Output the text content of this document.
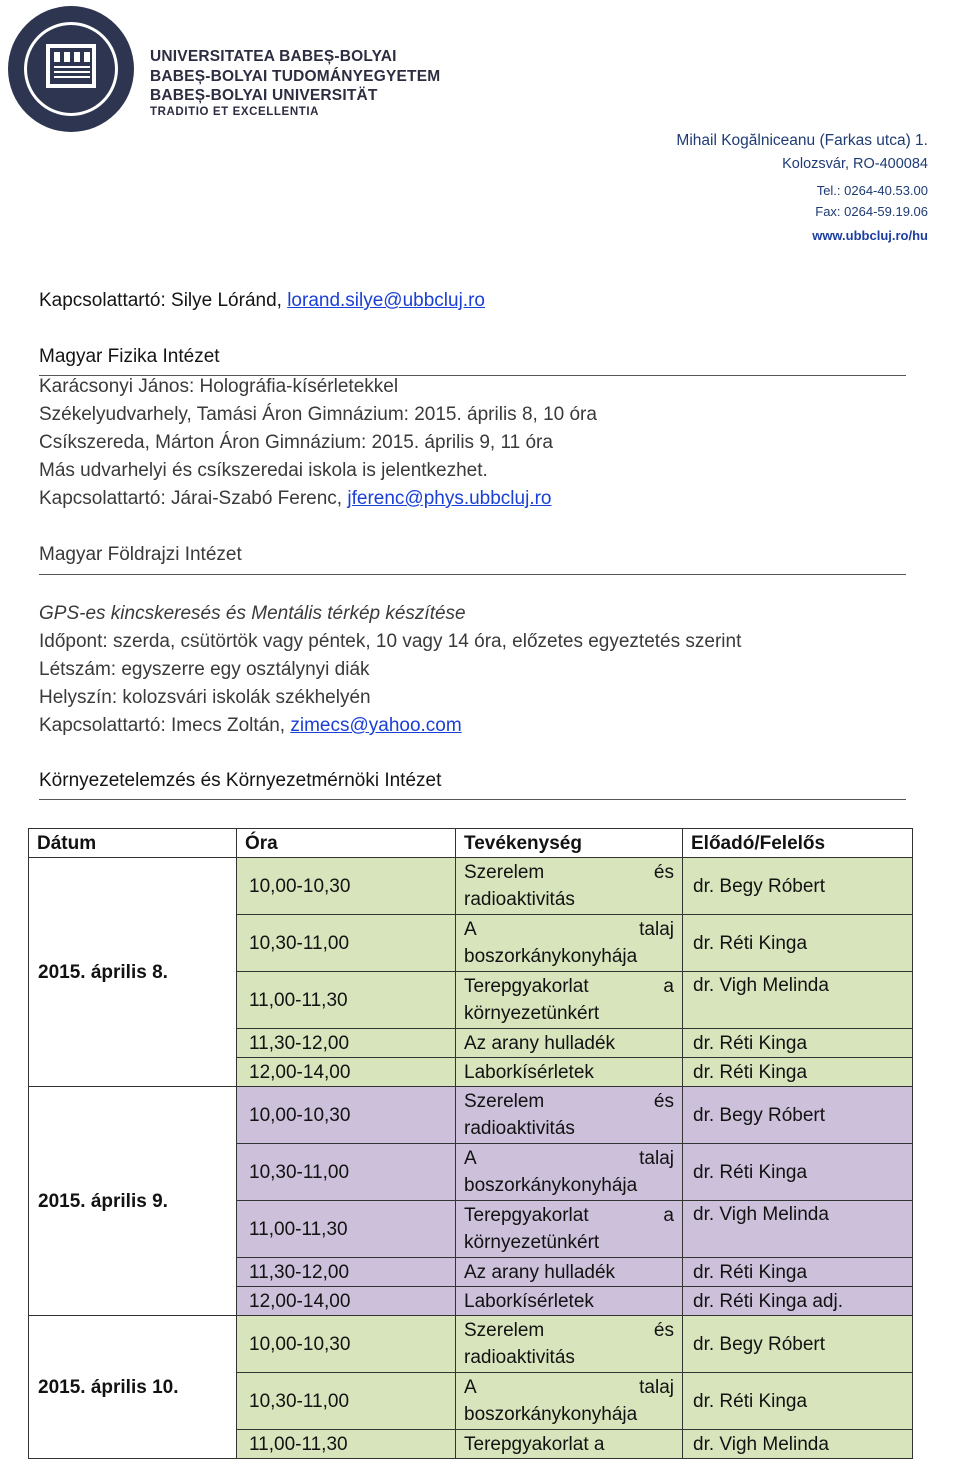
UNIVERSITATEA BABEȘ-BOLYAI
BABEȘ-BOLYAI TUDOMÁNYEGYETEM
BABEȘ-BOLYAI UNIVERSITÄT
TRADITIO ET EXCELLENTIA
Mihail Kogălniceanu (Farkas utca) 1.
Kolozsvár, RO-400084
Tel.: 0264-40.53.00
Fax: 0264-59.19.06
www.ubbcluj.ro/hu
Kapcsolattartó: Silye Lóránd, lorand.silye@ubbcluj.ro
Magyar Fizika Intézet
Karácsonyi János: Holográfia-kísérletekkel
Székelyudvarhely, Tamási Áron Gimnázium: 2015. április 8, 10 óra
Csíkszereda, Márton Áron Gimnázium: 2015. április 9, 11 óra
Más udvarhelyi és csíkszeredai iskola is jelentkezhet.
Kapcsolattartó: Járai-Szabó Ferenc, jferenc@phys.ubbcluj.ro
Magyar Földrajzi Intézet
GPS-es kincskeresés és Mentális térkép készítése
Időpont: szerda, csütörtök vagy péntek, 10 vagy 14 óra, előzetes egyeztetés szerint
Létszám: egyszerre egy osztálynyi diák
Helyszín: kolozsvári iskolák székhelyén
Kapcsolattartó: Imecs Zoltán, zimecs@yahoo.com
Környezetelemzés és Környezetmérnöki Intézet
Dátum	Óra	Tevékenység	Előadó/Felelős
2015. április 8.	10,00-10,30	Szerelem és
radioaktivitás	dr. Begy Róbert
	10,30-11,00	A talaj
boszorkánykonyhája	dr. Réti Kinga
	11,00-11,30	Terepgyakorlat a
környezetünkért	dr. Vigh Melinda
	11,30-12,00	Az arany hulladék	dr. Réti Kinga
	12,00-14,00	Laborkísérletek	dr. Réti Kinga
2015. április 9.	10,00-10,30	Szerelem és
radioaktivitás	dr. Begy Róbert
	10,30-11,00	A talaj
boszorkánykonyhája	dr. Réti Kinga
	11,00-11,30	Terepgyakorlat a
környezetünkért	dr. Vigh Melinda
	11,30-12,00	Az arany hulladék	dr. Réti Kinga
	12,00-14,00	Laborkísérletek	dr. Réti Kinga adj.
2015. április 10.	10,00-10,30	Szerelem és
radioaktivitás	dr. Begy Róbert
	10,30-11,00	A talaj
boszorkánykonyhája	dr. Réti Kinga
	11,00-11,30	Terepgyakorlat a	dr. Vigh Melinda
